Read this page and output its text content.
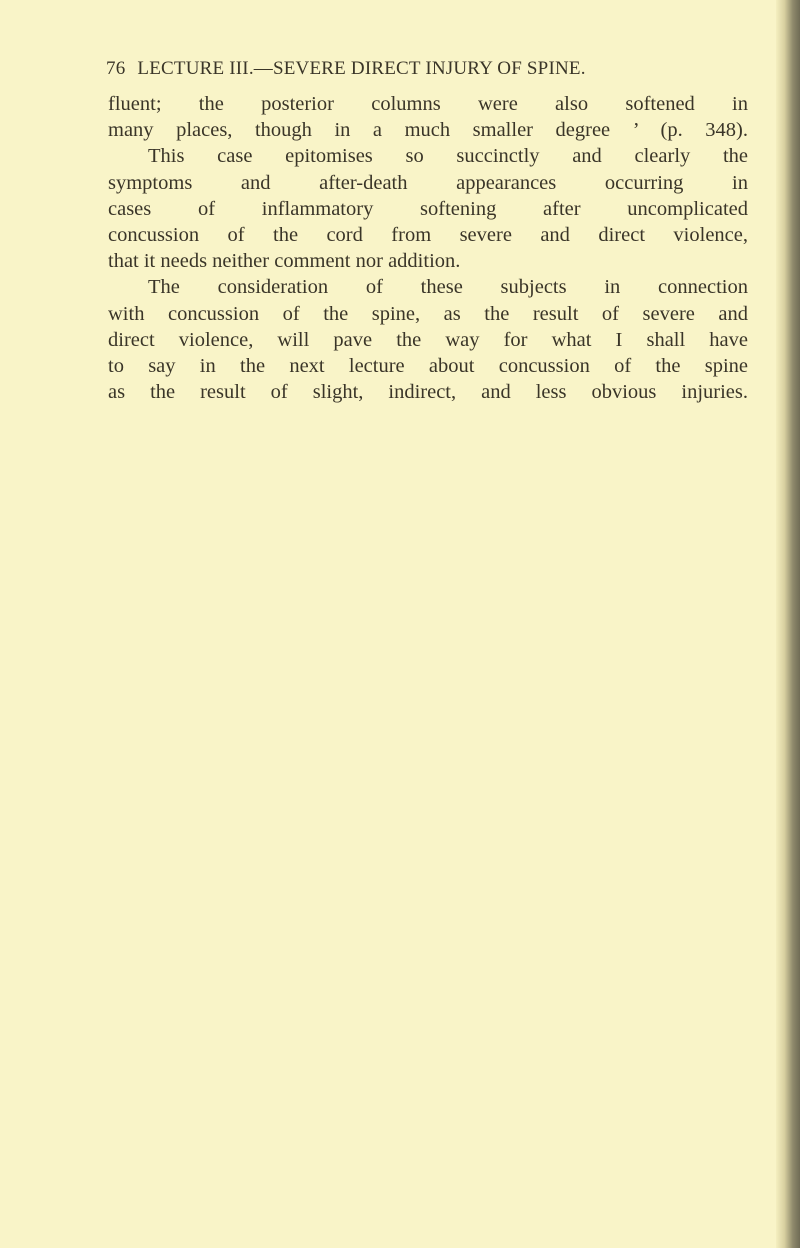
76 LECTURE III.—SEVERE DIRECT INJURY OF SPINE.
fluent; the posterior columns were also softened in
many places, though in a much smaller degree ’ (p. 348).
This case epitomises so succinctly and clearly the
symptoms and after-death appearances occurring in
cases of inflammatory softening after uncomplicated
concussion of the cord from severe and direct violence,
that it needs neither comment nor addition.
The consideration of these subjects in connection
with concussion of the spine, as the result of severe and
direct violence, will pave the way for what I shall have
to say in the next lecture about concussion of the spine
as the result of slight, indirect, and less obvious injuries.
